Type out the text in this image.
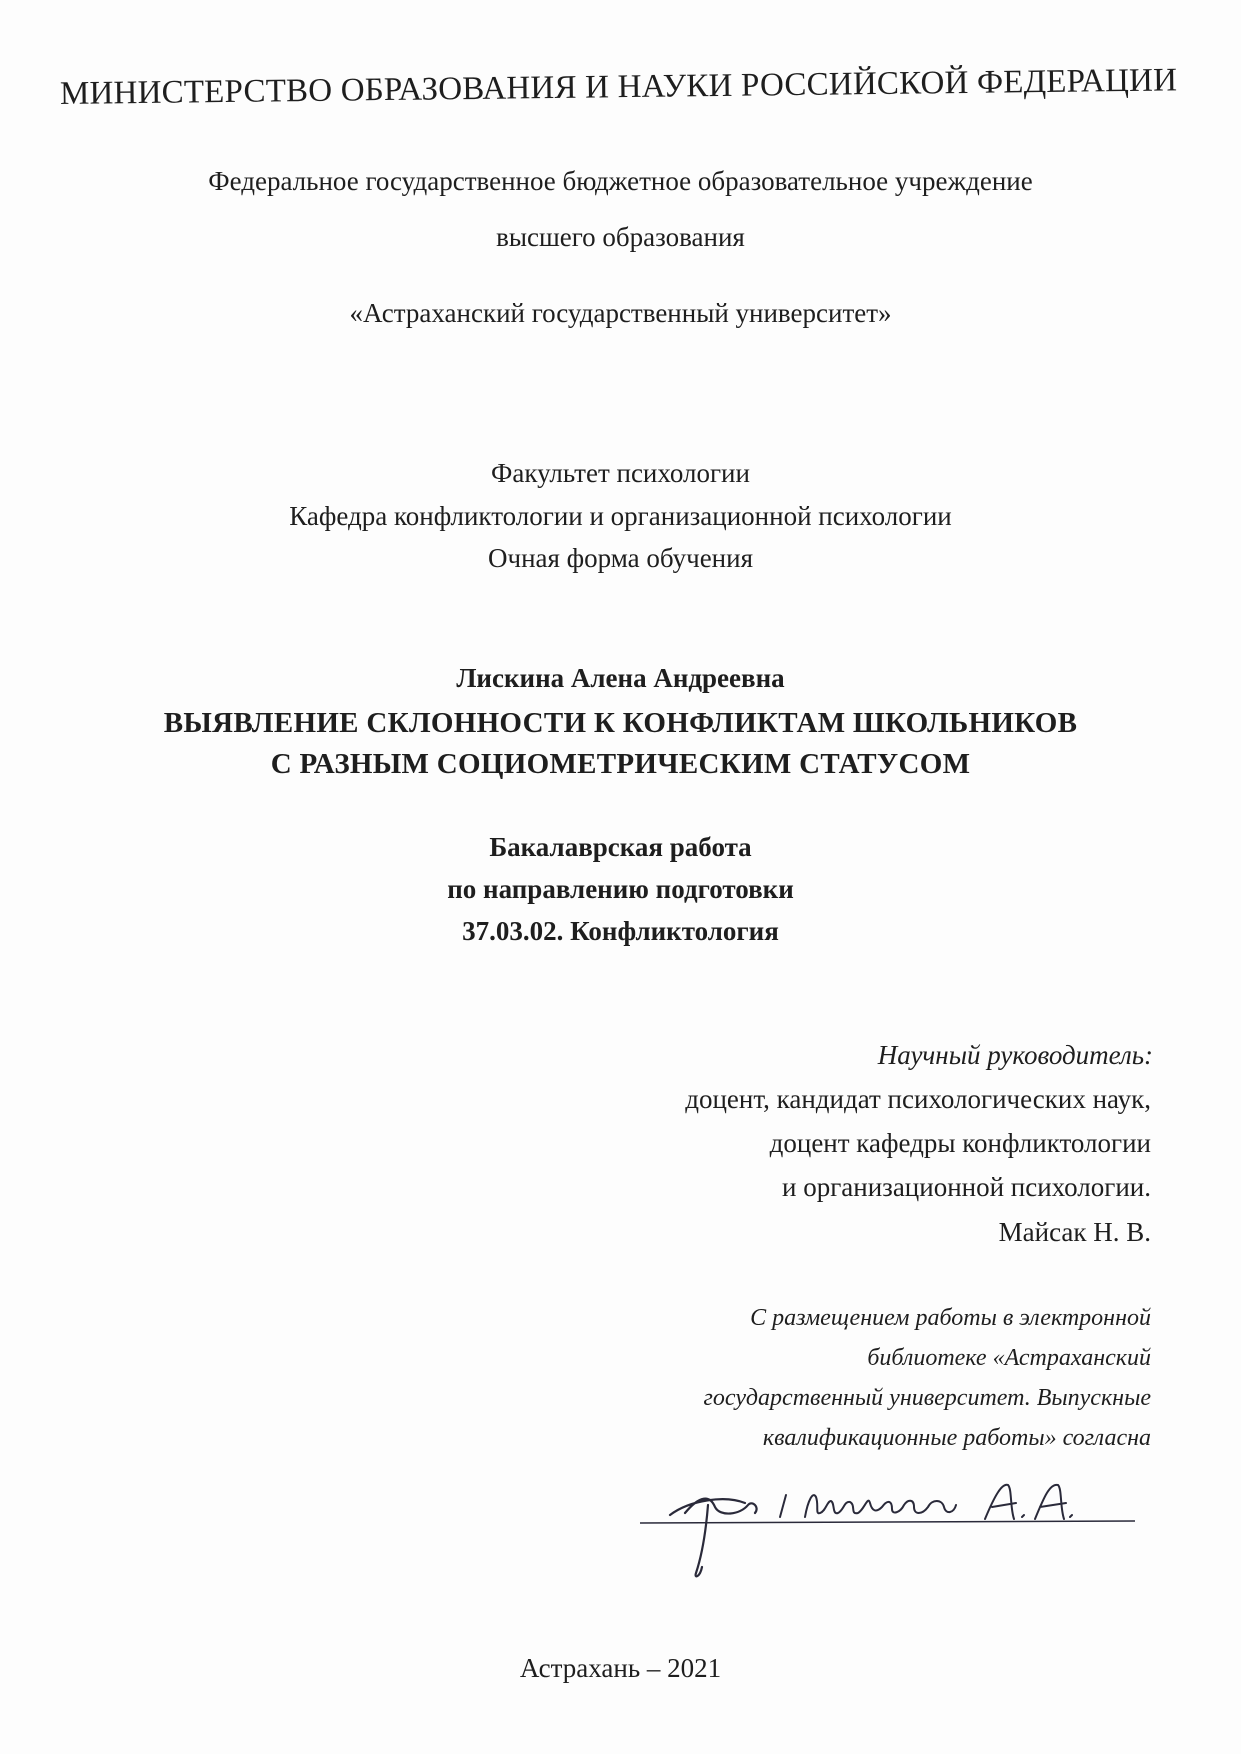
МИНИСТЕРСТВО ОБРАЗОВАНИЯ И НАУКИ РОССИЙСКОЙ ФЕДЕРАЦИИ
Федеральное государственное бюджетное образовательное учреждение
высшего образования
«Астраханский государственный университет»
Факультет психологии
Кафедра конфликтологии и организационной психологии
Очная форма обучения
Лискина Алена Андреевна
ВЫЯВЛЕНИЕ СКЛОННОСТИ К КОНФЛИКТАМ ШКОЛЬНИКОВ
С РАЗНЫМ СОЦИОМЕТРИЧЕСКИМ СТАТУСОМ
Бакалаврская работа
по направлению подготовки
37.03.02. Конфликтология
Научный руководитель:
доцент, кандидат психологических наук,
доцент кафедры конфликтологии
и организационной психологии.
Майсак Н. В.
С размещением работы в электронной
библиотеке «Астраханский
государственный университет. Выпускные
квалификационные работы» согласна
Астрахань – 2021
